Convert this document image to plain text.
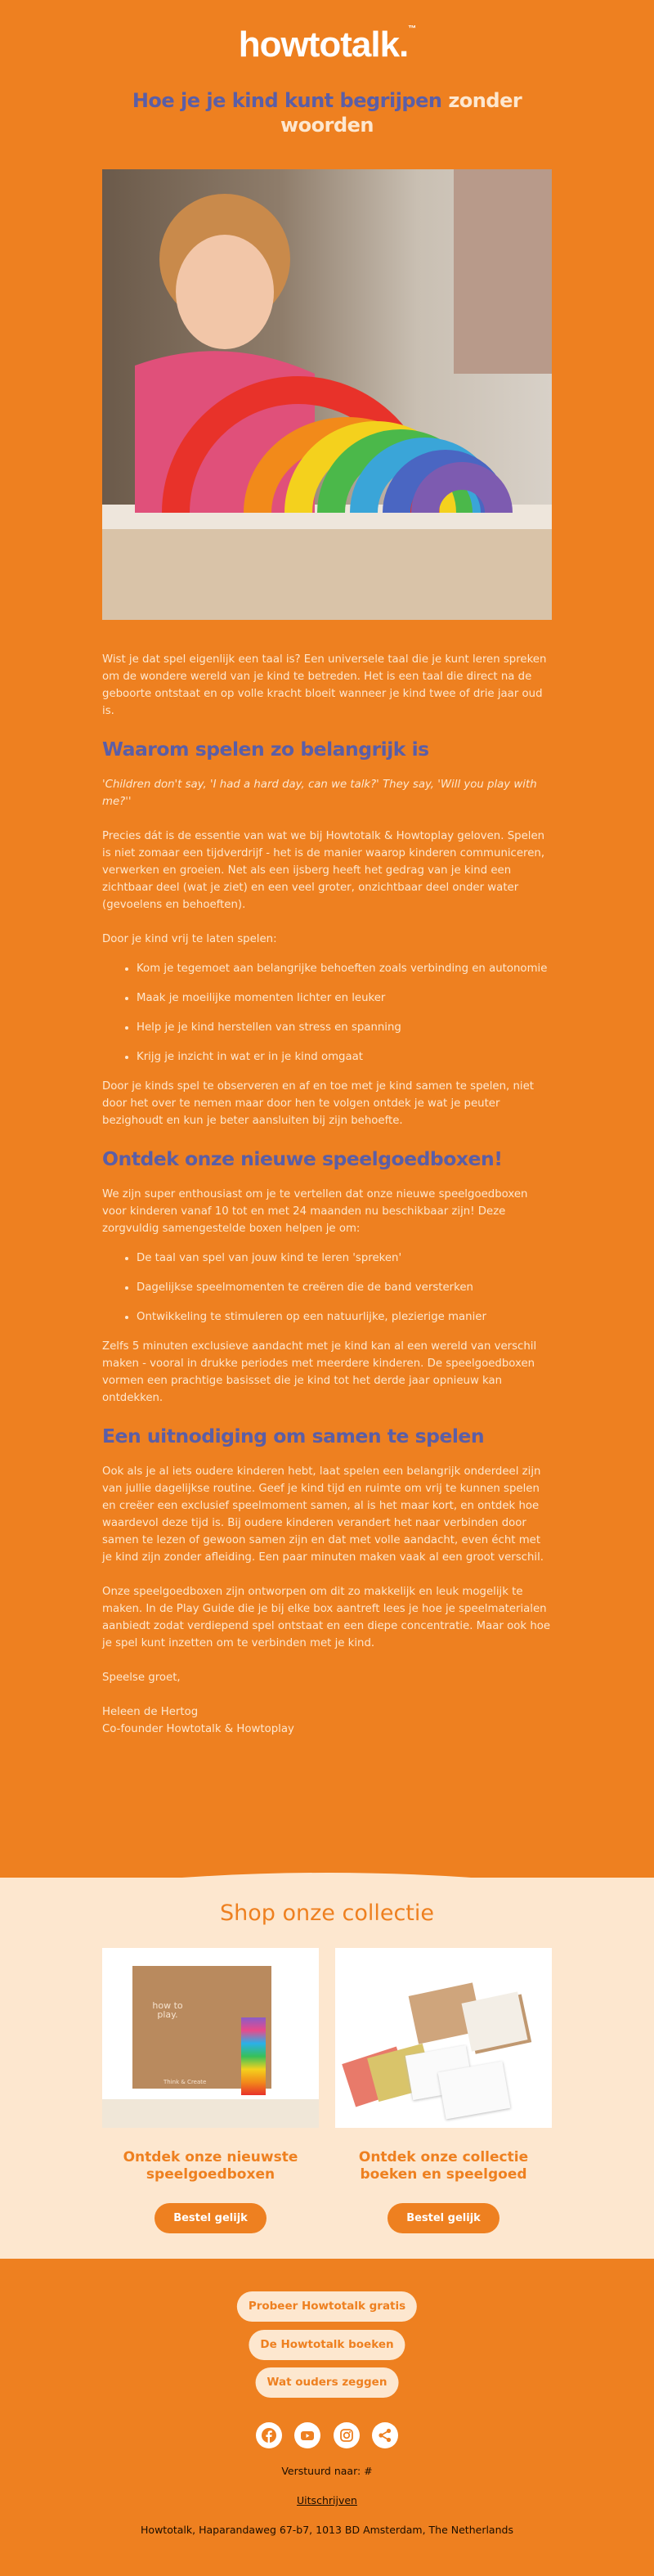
howtotalk.™
Hoe je je kind kunt begrijpen zonder woorden

Wist je dat spel eigenlijk een taal is? Een universele taal die je kunt leren spreken om de wondere wereld van je kind te betreden. Het is een taal die direct na de geboorte ontstaat en op volle kracht bloeit wanneer je kind twee of drie jaar oud is.

Waarom spelen zo belangrijk is

'Children don't say, 'I had a hard day, can we talk?' They say, 'Will you play with me?''

Precies dát is de essentie van wat we bij Howtotalk & Howtoplay geloven. Spelen is niet zomaar een tijdverdrijf - het is de manier waarop kinderen communiceren, verwerken en groeien. Net als een ijsberg heeft het gedrag van je kind een zichtbaar deel (wat je ziet) en een veel groter, onzichtbaar deel onder water (gevoelens en behoeften).

Door je kind vrij te laten spelen:

• Kom je tegemoet aan belangrijke behoeften zoals verbinding en autonomie
• Maak je moeilijke momenten lichter en leuker
• Help je je kind herstellen van stress en spanning
• Krijg je inzicht in wat er in je kind omgaat

Door je kinds spel te observeren en af en toe met je kind samen te spelen, niet door het over te nemen maar door hen te volgen ontdek je wat je peuter bezighoudt en kun je beter aansluiten bij zijn behoefte.

Ontdek onze nieuwe speelgoedboxen!

We zijn super enthousiast om je te vertellen dat onze nieuwe speelgoedboxen voor kinderen vanaf 10 tot en met 24 maanden nu beschikbaar zijn! Deze zorgvuldig samengestelde boxen helpen je om:

• De taal van spel van jouw kind te leren 'spreken'
• Dagelijkse speelmomenten te creëren die de band versterken
• Ontwikkeling te stimuleren op een natuurlijke, plezierige manier

Zelfs 5 minuten exclusieve aandacht met je kind kan al een wereld van verschil maken - vooral in drukke periodes met meerdere kinderen. De speelgoedboxen vormen een prachtige basisset die je kind tot het derde jaar opnieuw kan ontdekken.

Een uitnodiging om samen te spelen

Ook als je al iets oudere kinderen hebt, laat spelen een belangrijk onderdeel zijn van jullie dagelijkse routine. Geef je kind tijd en ruimte om vrij te kunnen spelen en creëer een exclusief speelmoment samen, al is het maar kort, en ontdek hoe waardevol deze tijd is. Bij oudere kinderen verandert het naar verbinden door samen te lezen of gewoon samen zijn en dat met volle aandacht, even écht met je kind zijn zonder afleiding. Een paar minuten maken vaak al een groot verschil.

Onze speelgoedboxen zijn ontworpen om dit zo makkelijk en leuk mogelijk te maken. In de Play Guide die je bij elke box aantreft lees je hoe je speelmaterialen aanbiedt zodat verdiepend spel ontstaat en een diepe concentratie. Maar ook hoe je spel kunt inzetten om te verbinden met je kind.

Speelse groet,

Heleen de Hertog
Co-founder Howtotalk & Howtoplay
Shop onze collectie
how to play.
Think & Create
Ontdek onze nieuwste speelgoedboxen
Bestel gelijk
Ontdek onze collectie boeken en speelgoed
Bestel gelijk
Probeer Howtotalk gratis
De Howtotalk boeken
Wat ouders zeggen

Verstuurd naar: #
Uitschrijven
Howtotalk, Haparandaweg 67-b7, 1013 BD Amsterdam, The Netherlands
